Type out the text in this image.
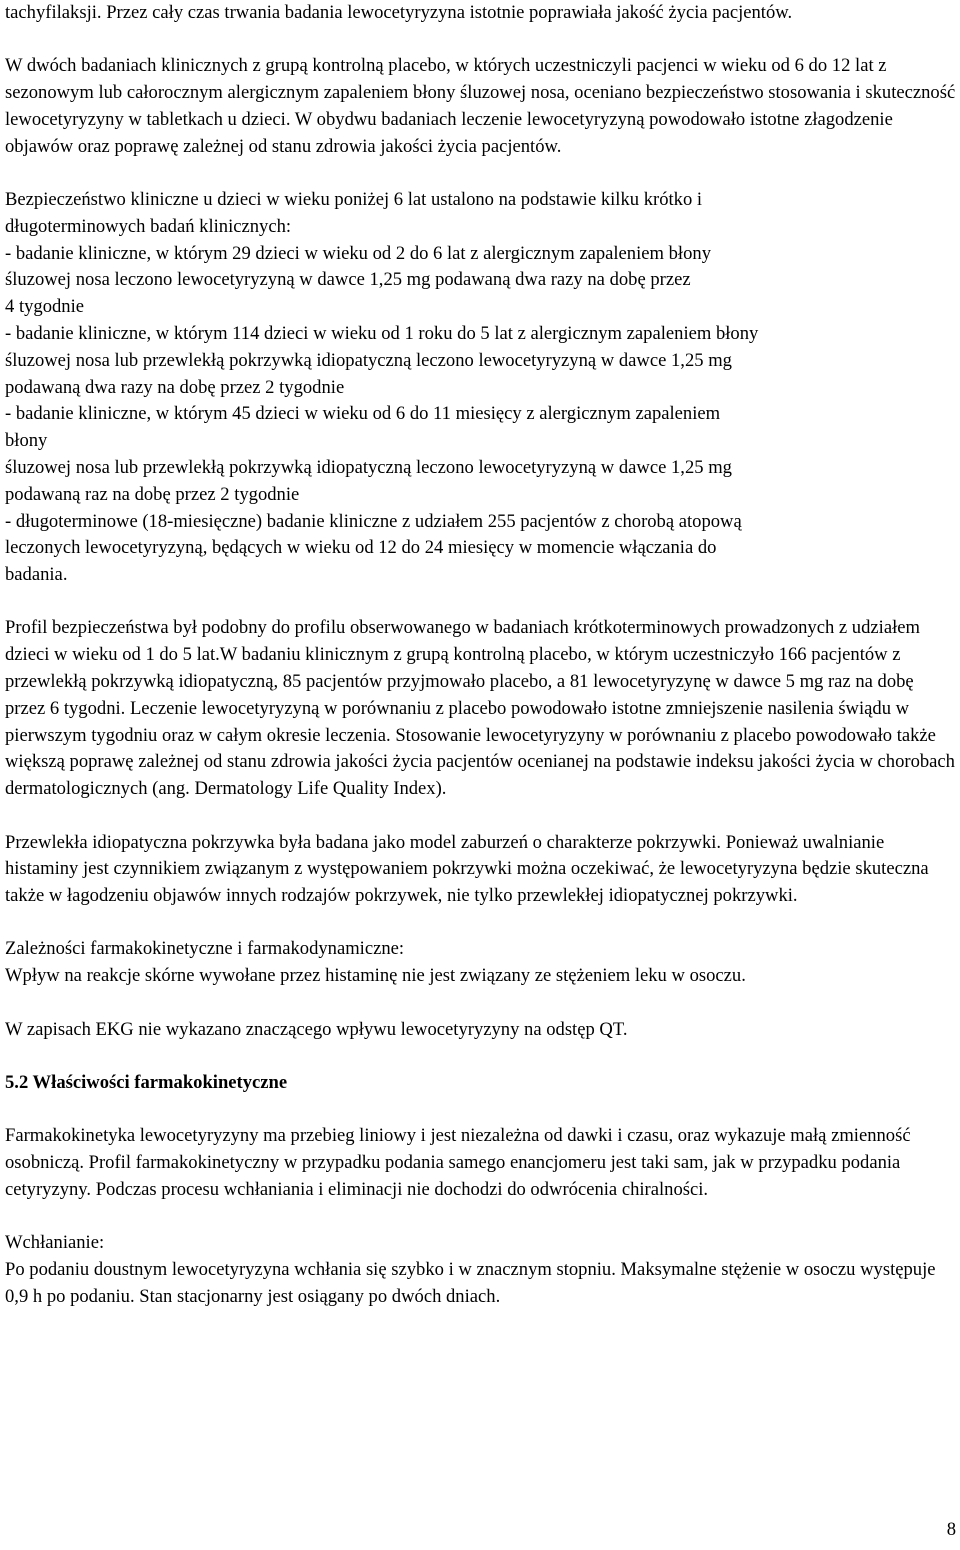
tachyfilaksji. Przez cały czas trwania badania lewocetyryzyna istotnie poprawiała jakość życia pacjentów.

W dwóch badaniach klinicznych z grupą kontrolną placebo, w których uczestniczyli pacjenci w wieku od 6 do 12 lat z sezonowym lub całorocznym alergicznym zapaleniem błony śluzowej nosa, oceniano bezpieczeństwo stosowania i skuteczność lewocetyryzyny w tabletkach u dzieci. W obydwu badaniach leczenie lewocetyryzyną powodowało istotne złagodzenie objawów oraz poprawę zależnej od stanu zdrowia jakości życia pacjentów.

Bezpieczeństwo kliniczne u dzieci w wieku poniżej 6 lat ustalono na podstawie kilku krótko i

długoterminowych badań klinicznych:

- badanie kliniczne, w którym 29 dzieci w wieku od 2 do 6 lat z alergicznym zapaleniem błony

śluzowej nosa leczono lewocetyryzyną w dawce 1,25 mg podawaną dwa razy na dobę przez

4 tygodnie

- badanie kliniczne, w którym 114 dzieci w wieku od 1 roku do 5 lat z alergicznym zapaleniem błony

śluzowej nosa lub przewlekłą pokrzywką idiopatyczną leczono lewocetyryzyną w dawce 1,25 mg

podawaną dwa razy na dobę przez 2 tygodnie

- badanie kliniczne, w którym 45 dzieci w wieku od 6 do 11 miesięcy z alergicznym zapaleniem

błony

śluzowej nosa lub przewlekłą pokrzywką idiopatyczną leczono lewocetyryzyną w dawce 1,25 mg

podawaną raz na dobę przez 2 tygodnie

- długoterminowe (18-miesięczne) badanie kliniczne z udziałem 255 pacjentów z chorobą atopową

leczonych lewocetyryzyną, będących w wieku od 12 do 24 miesięcy w momencie włączania do

badania.

Profil bezpieczeństwa był podobny do profilu obserwowanego w badaniach krótkoterminowych prowadzonych z udziałem dzieci w wieku od 1 do 5 lat.W badaniu klinicznym z grupą kontrolną placebo, w którym uczestniczyło 166 pacjentów z przewlekłą pokrzywką idiopatyczną, 85 pacjentów przyjmowało placebo, a 81 lewocetyryzynę w dawce 5 mg raz na dobę przez 6 tygodni. Leczenie lewocetyryzyną w porównaniu z placebo powodowało istotne zmniejszenie nasilenia świądu w pierwszym tygodniu oraz w całym okresie leczenia. Stosowanie lewocetyryzyny w porównaniu z placebo powodowało także większą poprawę zależnej od stanu zdrowia jakości życia pacjentów ocenianej na podstawie indeksu jakości życia w chorobach dermatologicznych (ang. Dermatology Life Quality Index).

Przewlekła idiopatyczna pokrzywka była badana jako model zaburzeń o charakterze pokrzywki. Ponieważ uwalnianie histaminy jest czynnikiem związanym z występowaniem pokrzywki można oczekiwać, że lewocetyryzyna będzie skuteczna także w łagodzeniu objawów innych rodzajów pokrzywek, nie tylko przewlekłej idiopatycznej pokrzywki.

Zależności farmakokinetyczne i farmakodynamiczne:

Wpływ na reakcje skórne wywołane przez histaminę nie jest związany ze stężeniem leku w osoczu.

W zapisach EKG nie wykazano znaczącego wpływu lewocetyryzyny na odstęp QT.

5.2 Właściwości farmakokinetyczne

Farmakokinetyka lewocetyryzyny ma przebieg liniowy i jest niezależna od dawki i czasu, oraz wykazuje małą zmienność osobniczą. Profil farmakokinetyczny w przypadku podania samego enancjomeru jest taki sam, jak w przypadku podania cetyryzyny. Podczas procesu wchłaniania i eliminacji nie dochodzi do odwrócenia chiralności.

Wchłanianie:

Po podaniu doustnym lewocetyryzyna wchłania się szybko i w znacznym stopniu. Maksymalne stężenie w osoczu występuje 0,9 h po podaniu. Stan stacjonarny jest osiągany po dwóch dniach.

8
